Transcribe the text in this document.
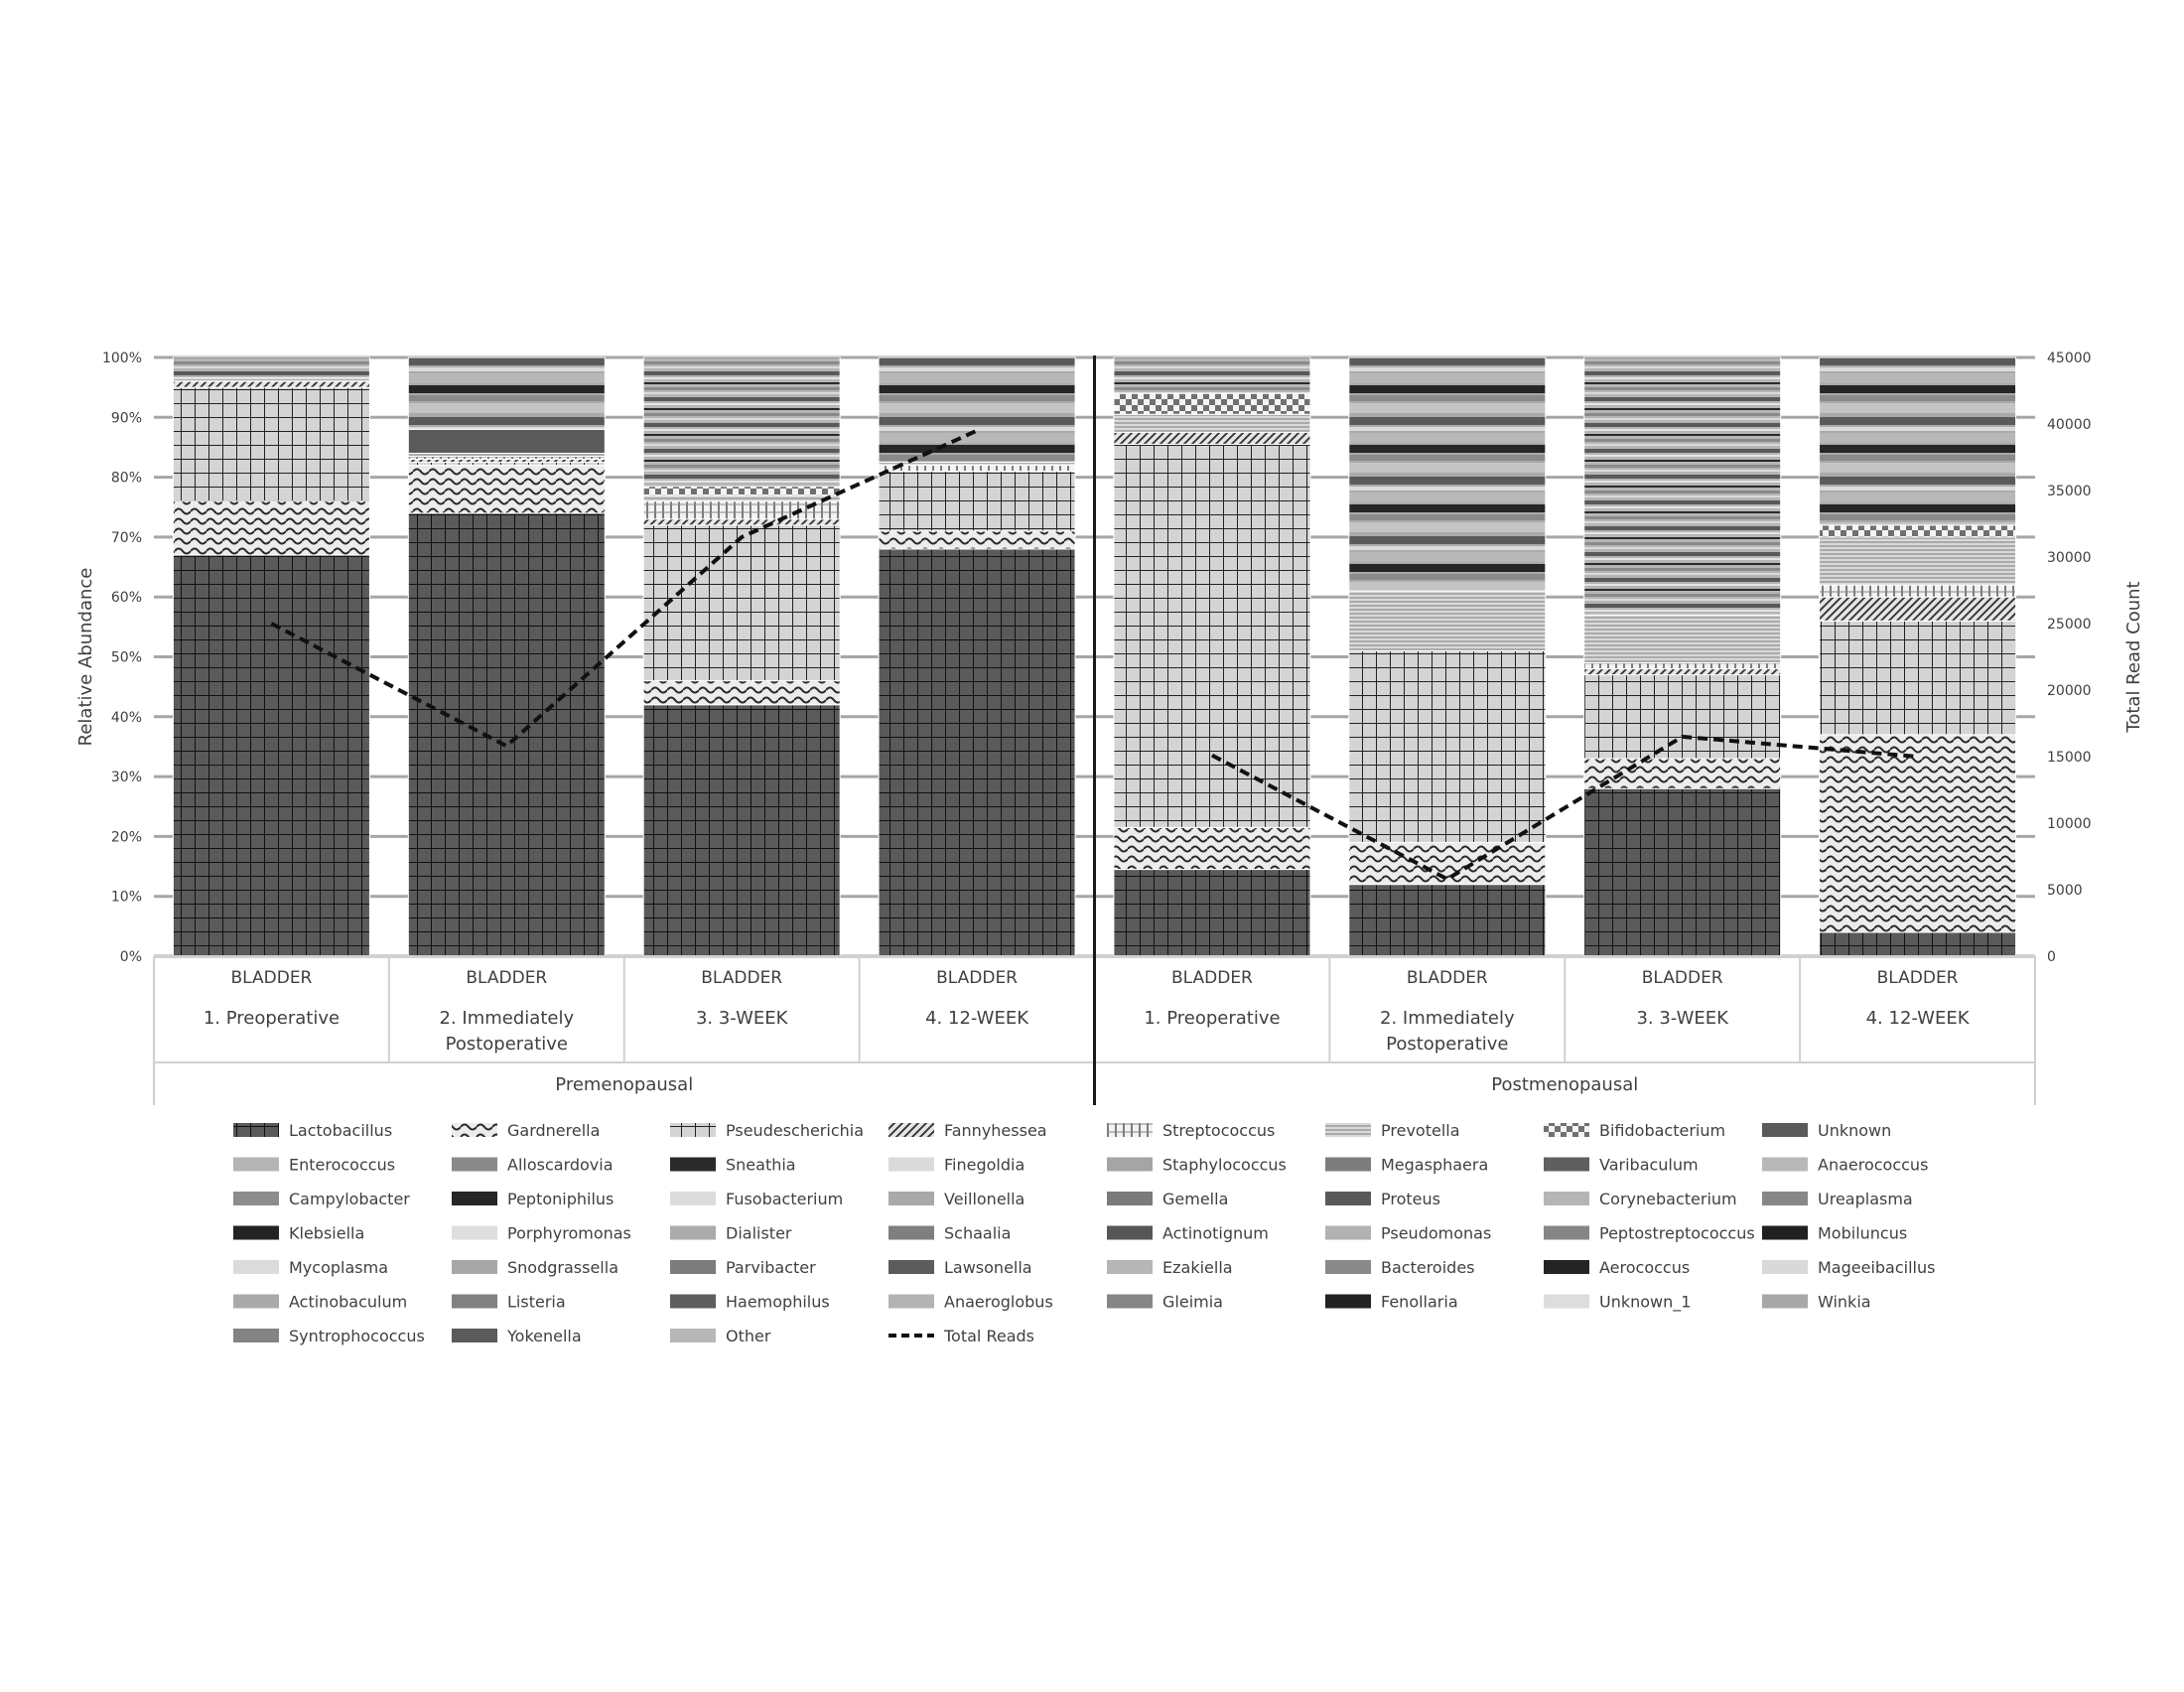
0%
10%
20%
30%
40%
50%
60%
70%
80%
90%
100%
0
5000
10000
15000
20000
25000
30000
35000
40000
45000
BLADDER
1. Preoperative
BLADDER
2. Immediately Postoperative
BLADDER
3. 3-WEEK
BLADDER
4. 12-WEEK
Premenopausal
BLADDER
1. Preoperative
BLADDER
2. Immediately Postoperative
BLADDER
3. 3-WEEK
BLADDER
4. 12-WEEK
Postmenopausal
Relative Abundance	Total Read Count
Lactobacillus	Gardnerella	Pseudescherichia	Fannyhessea	Streptococcus	Prevotella	Bifidobacterium	Unknown
Enterococcus	Alloscardovia	Sneathia	Finegoldia	Staphylococcus	Megasphaera	Varibaculum	Anaerococcus
Campylobacter	Peptoniphilus	Fusobacterium	Veillonella	Gemella	Proteus	Corynebacterium	Ureaplasma
Klebsiella	Porphyromonas	Dialister	Schaalia	Actinotignum	Pseudomonas	Peptostreptococcus	Mobiluncus
Mycoplasma	Snodgrassella	Parvibacter	Lawsonella	Ezakiella	Bacteroides	Aerococcus	Mageeibacillus
Actinobaculum	Listeria	Haemophilus	Anaeroglobus	Gleimia	Fenollaria	Unknown_1	Winkia
Syntrophococcus	Yokenella	Other	Total Reads
